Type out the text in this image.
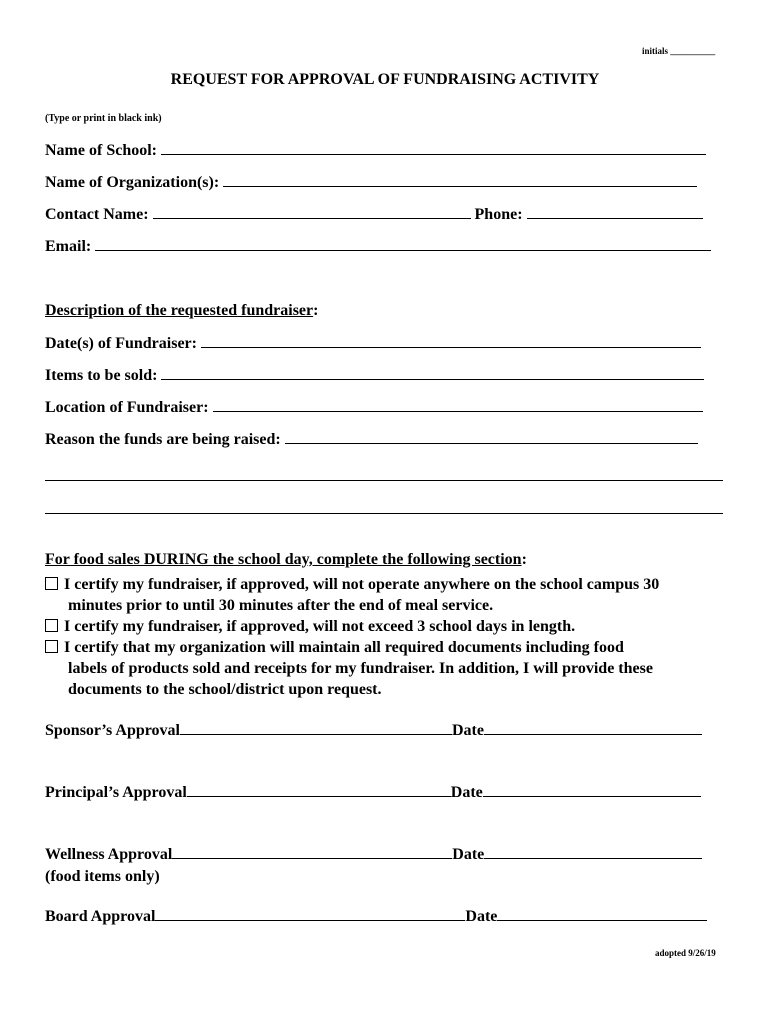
initials __________
REQUEST FOR APPROVAL OF FUNDRAISING ACTIVITY
(Type or print in black ink)
Name of School:
Name of Organization(s):
Contact Name:	Phone:
Email:
Description of the requested fundraiser:
Date(s) of Fundraiser:
Items to be sold:
Location of Fundraiser:
Reason the funds are being raised:
For food sales DURING the school day, complete the following section:
I certify my fundraiser, if approved, will not operate anywhere on the school campus 30
minutes prior to until 30 minutes after the end of meal service.
I certify my fundraiser, if approved, will not exceed 3 school days in length.
I certify that my organization will maintain all required documents including food
labels of products sold and receipts for my fundraiser. In addition, I will provide these
documents to the school/district upon request.
Sponsor’s Approval	Date
Principal’s Approval	Date
Wellness Approval	Date
(food items only)
Board Approval	Date
adopted 9/26/19
